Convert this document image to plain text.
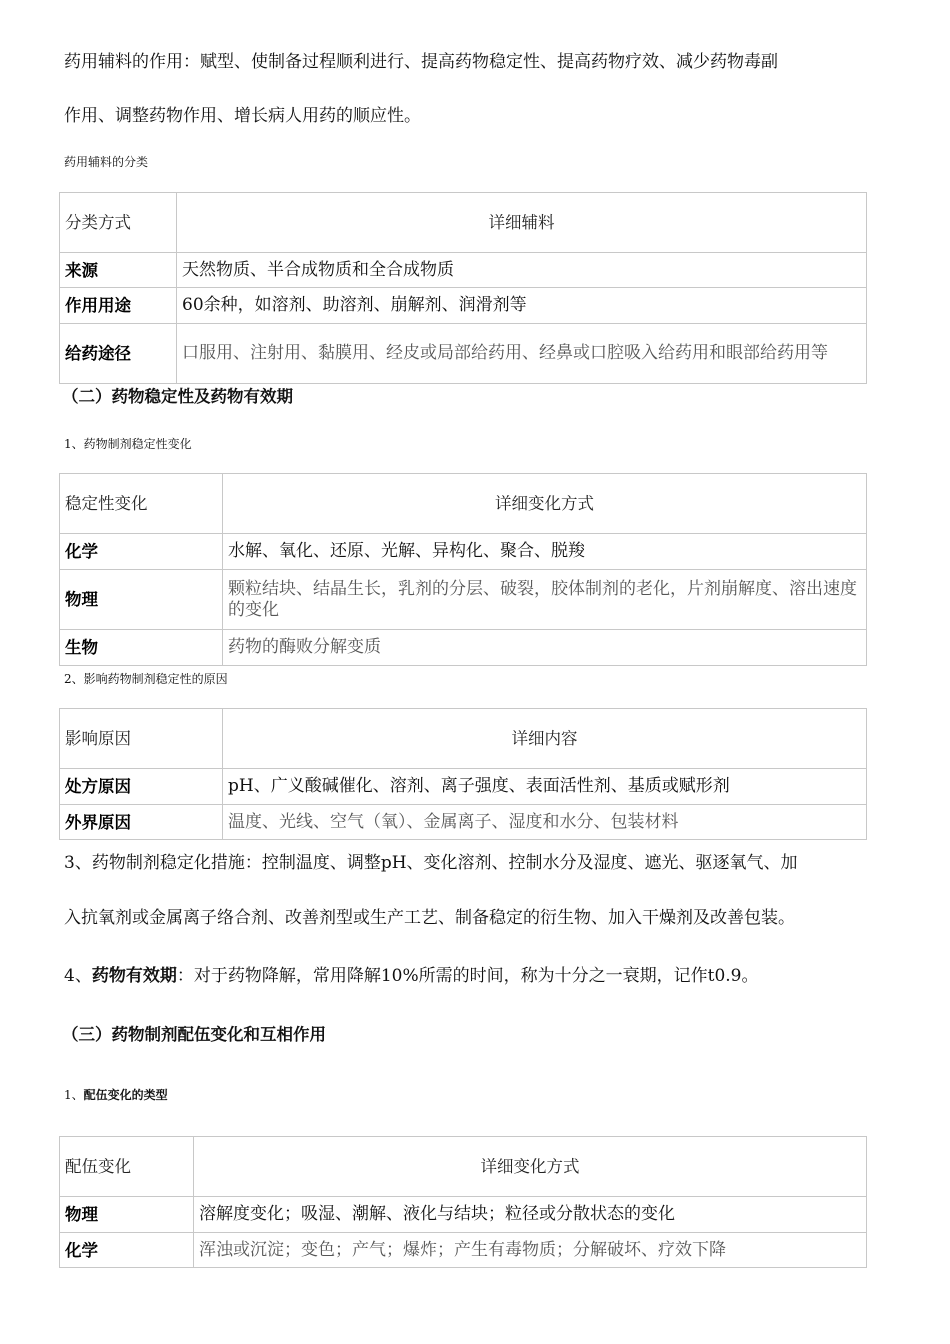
药用辅料的作用：赋型、使制备过程顺利进行、提高药物稳定性、提高药物疗效、减少药物毒副
作用、调整药物作用、增长病人用药的顺应性。
药用辅料的分类
分类方式	详细辅料
来源	天然物质、半合成物质和全合成物质
作用用途	60余种，如溶剂、助溶剂、崩解剂、润滑剂等
给药途径	口服用、注射用、黏膜用、经皮或局部给药用、经鼻或口腔吸入给药用和眼部给药用等
（二）药物稳定性及药物有效期
1、药物制剂稳定性变化
稳定性变化	详细变化方式
化学	水解、氧化、还原、光解、异构化、聚合、脱羧
物理	颗粒结块、结晶生长，乳剂的分层、破裂，胶体制剂的老化，片剂崩解度、溶出速度的变化
生物	药物的酶败分解变质
2、影响药物制剂稳定性的原因
影响原因	详细内容
处方原因	pH、广义酸碱催化、溶剂、离子强度、表面活性剂、基质或赋形剂
外界原因	温度、光线、空气（氧）、金属离子、湿度和水分、包装材料
3、药物制剂稳定化措施：控制温度、调整pH、变化溶剂、控制水分及湿度、遮光、驱逐氧气、加
入抗氧剂或金属离子络合剂、改善剂型或生产工艺、制备稳定的衍生物、加入干燥剂及改善包装。
4、药物有效期：对于药物降解，常用降解10%所需的时间，称为十分之一衰期，记作t0.9。
（三）药物制剂配伍变化和互相作用
1、配伍变化的类型
配伍变化	详细变化方式
物理	溶解度变化；吸湿、潮解、液化与结块；粒径或分散状态的变化
化学	浑浊或沉淀；变色；产气；爆炸；产生有毒物质；分解破坏、疗效下降
